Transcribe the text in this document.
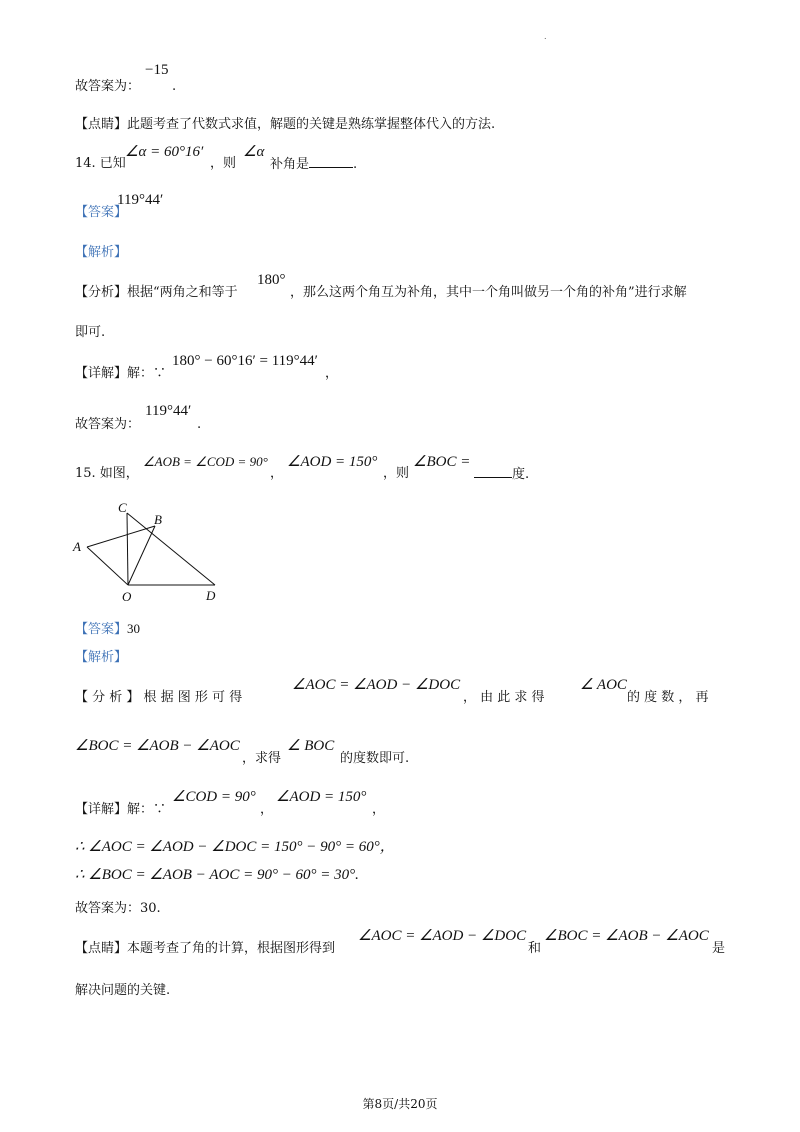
.
故答案为：
−15
.
【点睛】此题考查了代数式求值，解题的关键是熟练掌握整体代入的方法.
14. 已知
∠α = 60°16′
，则
∠α
补角是	.
【答案】
119°44′
【解析】
【分析】根据“两角之和等于
180°
，那么这两个角互为补角，其中一个角叫做另一个角的补角”进行求解
即可.
【详解】解：∵
180° − 60°16′ = 119°44′
，
故答案为：
119°44′
.
15. 如图，
∠AOB = ∠COD = 90°
，
∠AOD = 150°
，则
∠BOC =
度.
C
B
A
O	D
【答案】30
【解析】
【 分 析 】 根 据 图 形 可 得
∠AOC = ∠AOD − ∠DOC
， 由 此 求 得
∠ AOC
的 度 数 ， 再
∠BOC = ∠AOB − ∠AOC
，求得
∠ BOC
的度数即可.
【详解】解：∵
∠COD = 90°
，
∠AOD = 150°
，
∴ ∠AOC = ∠AOD − ∠DOC = 150° − 90° = 60°，
∴ ∠BOC = ∠AOB − AOC = 90° − 60° = 30°.
故答案为：30.
【点睛】本题考查了角的计算，根据图形得到
∠AOC = ∠AOD − ∠DOC
和
∠BOC = ∠AOB − ∠AOC
是
解决问题的关键.
第8页/共20页
